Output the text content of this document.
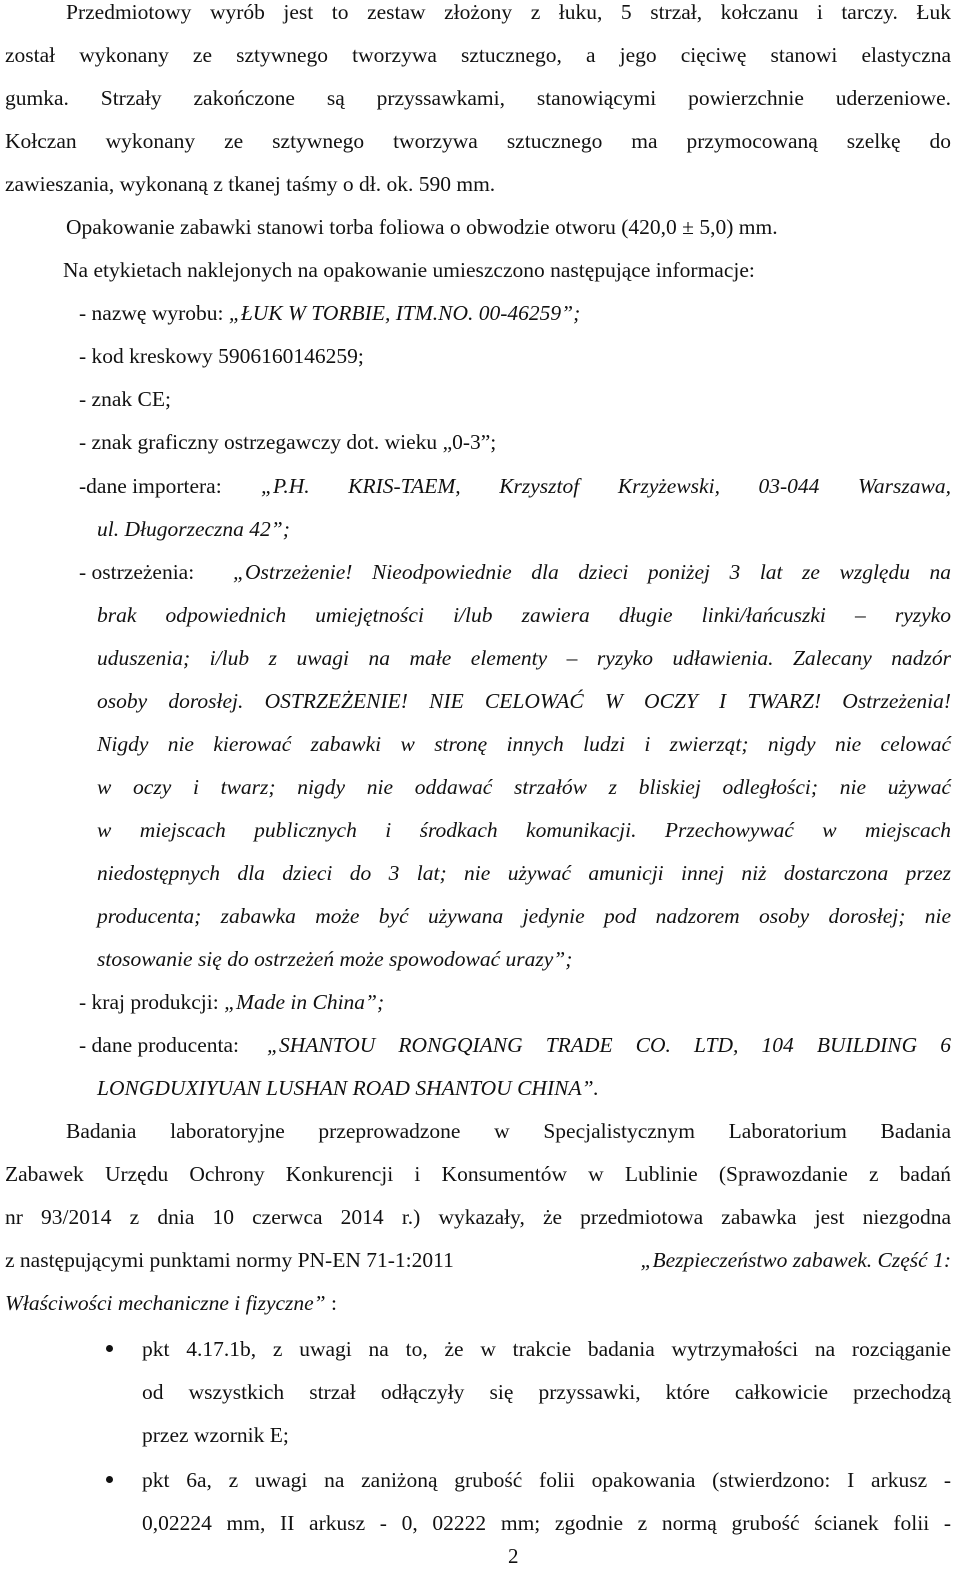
Przedmiotowy wyrób jest to zestaw złożony z łuku, 5 strzał, kołczanu i tarczy. Łuk
został wykonany ze sztywnego tworzywa sztucznego, a jego cięciwę stanowi elastyczna
gumka. Strzały zakończone są przyssawkami, stanowiącymi powierzchnie uderzeniowe.
Kołczan wykonany ze sztywnego tworzywa sztucznego ma przymocowaną szelkę do
zawieszania, wykonaną z tkanej taśmy o dł. ok. 590 mm.
Opakowanie zabawki stanowi torba foliowa o obwodzie otworu (420,0 ± 5,0) mm.
Na etykietach naklejonych na opakowanie umieszczono następujące informacje:
- nazwę wyrobu: „ŁUK W TORBIE, ITM.NO. 00-46259”;
- kod kreskowy 5906160146259;
- znak CE;
- znak graficzny ostrzegawczy dot. wieku „0-3”;
-dane importera: „P.H. KRIS-TAEM, Krzysztof Krzyżewski, 03-044 Warszawa,
ul. Długorzeczna 42”;
- ostrzeżenia: „Ostrzeżenie! Nieodpowiednie dla dzieci poniżej 3 lat ze względu na
brak odpowiednich umiejętności i/lub zawiera długie linki/łańcuszki – ryzyko
uduszenia; i/lub z uwagi na małe elementy – ryzyko udławienia. Zalecany nadzór
osoby dorosłej. OSTRZEŻENIE! NIE CELOWAĆ W OCZY I TWARZ! Ostrzeżenia!
Nigdy nie kierować zabawki w stronę innych ludzi i zwierząt; nigdy nie celować
w oczy i twarz; nigdy nie oddawać strzałów z bliskiej odległości; nie używać
w miejscach publicznych i środkach komunikacji. Przechowywać w miejscach
niedostępnych dla dzieci do 3 lat; nie używać amunicji innej niż dostarczona przez
producenta; zabawka może być używana jedynie pod nadzorem osoby dorosłej; nie
stosowanie się do ostrzeżeń może spowodować urazy”;
- kraj produkcji: „Made in China”;
- dane producenta: „SHANTOU RONGQIANG TRADE CO. LTD, 104 BUILDING 6
LONGDUXIYUAN LUSHAN ROAD SHANTOU CHINA”.
Badania laboratoryjne przeprowadzone w Specjalistycznym Laboratorium Badania
Zabawek Urzędu Ochrony Konkurencji i Konsumentów w Lublinie (Sprawozdanie z badań
nr 93/2014 z dnia 10 czerwca 2014 r.) wykazały, że przedmiotowa zabawka jest niezgodna
z następującymi punktami normy PN-EN 71-1:2011	„Bezpieczeństwo zabawek. Część 1:
Właściwości mechaniczne i fizyczne” :
pkt 4.17.1b, z uwagi na to, że w trakcie badania wytrzymałości na rozciąganie
od wszystkich strzał odłączyły się przyssawki, które całkowicie przechodzą
przez wzornik E;
pkt 6a, z uwagi na zaniżoną grubość folii opakowania (stwierdzono: I arkusz -
0,02224 mm, II arkusz - 0, 02222 mm; zgodnie z normą grubość ścianek folii -
2
